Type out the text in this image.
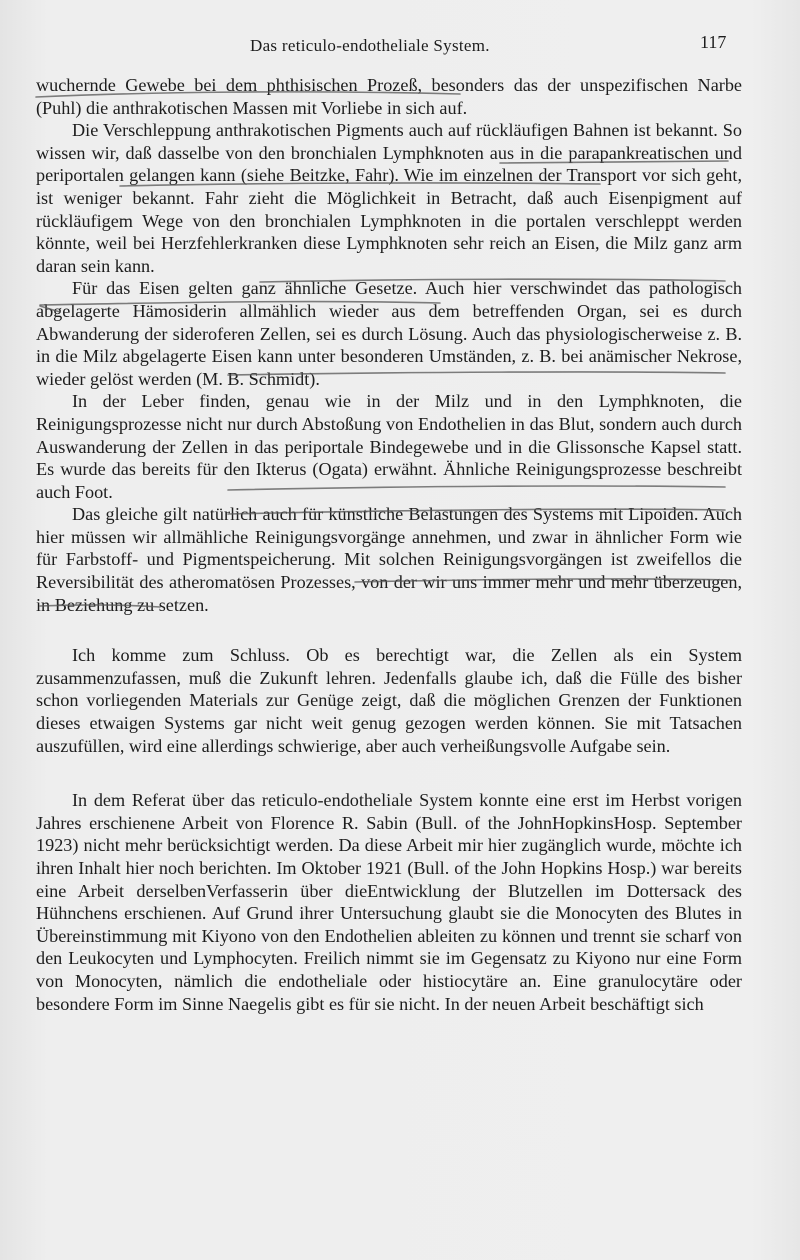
Das reticulo-endotheliale System.	117

wuchernde Gewebe bei dem phthisischen Prozeß, besonders das der unspezifischen Narbe (Puhl) die anthrakotischen Massen mit Vorliebe in sich auf.

Die Verschleppung anthrakotischen Pigments auch auf rückläufigen Bahnen ist bekannt. So wissen wir, daß dasselbe von den bronchialen Lymphknoten aus in die parapankreatischen und periportalen gelangen kann (siehe Beitzke, Fahr). Wie im einzelnen der Transport vor sich geht, ist weniger bekannt. Fahr zieht die Möglichkeit in Betracht, daß auch Eisenpigment auf rückläufigem Wege von den bronchialen Lymphknoten in die portalen verschleppt werden könnte, weil bei Herzfehlerkranken diese Lymphknoten sehr reich an Eisen, die Milz ganz arm daran sein kann.

Für das Eisen gelten ganz ähnliche Gesetze. Auch hier verschwindet das pathologisch abgelagerte Hämosiderin allmählich wieder aus dem betreffenden Organ, sei es durch Abwanderung der sideroferen Zellen, sei es durch Lösung. Auch das physiologischerweise z. B. in die Milz abgelagerte Eisen kann unter besonderen Umständen, z. B. bei anämischer Nekrose, wieder gelöst werden (M. B. Schmidt).

In der Leber finden, genau wie in der Milz und in den Lymphknoten, die Reinigungsprozesse nicht nur durch Abstoßung von Endothelien in das Blut, sondern auch durch Auswanderung der Zellen in das periportale Bindegewebe und in die Glissonsche Kapsel statt. Es wurde das bereits für den Ikterus (Ogata) erwähnt. Ähnliche Reinigungsprozesse beschreibt auch Foot.

Das gleiche gilt natürlich auch für künstliche Belastungen des Systems mit Lipoiden. Auch hier müssen wir allmähliche Reinigungsvorgänge annehmen, und zwar in ähnlicher Form wie für Farbstoff- und Pigmentspeicherung. Mit solchen Reinigungsvorgängen ist zweifellos die Reversibilität des atheromatösen Prozesses, von der wir uns immer mehr und mehr überzeugen, in Beziehung zu setzen.

Ich komme zum Schluss. Ob es berechtigt war, die Zellen als ein System zusammenzufassen, muß die Zukunft lehren. Jedenfalls glaube ich, daß die Fülle des bisher schon vorliegenden Materials zur Genüge zeigt, daß die möglichen Grenzen der Funktionen dieses etwaigen Systems gar nicht weit genug gezogen werden können. Sie mit Tatsachen auszufüllen, wird eine allerdings schwierige, aber auch verheißungsvolle Aufgabe sein.

In dem Referat über das reticulo-endotheliale System konnte eine erst im Herbst vorigen Jahres erschienene Arbeit von Florence R. Sabin (Bull. of the JohnHopkinsHosp. September 1923) nicht mehr berücksichtigt werden. Da diese Arbeit mir hier zugänglich wurde, möchte ich ihren Inhalt hier noch berichten. Im Oktober 1921 (Bull. of the John Hopkins Hosp.) war bereits eine Arbeit derselbenVerfasserin über dieEntwicklung der Blutzellen im Dottersack des Hühnchens erschienen. Auf Grund ihrer Untersuchung glaubt sie die Monocyten des Blutes in Übereinstimmung mit Kiyono von den Endothelien ableiten zu können und trennt sie scharf von den Leukocyten und Lymphocyten. Freilich nimmt sie im Gegensatz zu Kiyono nur eine Form von Monocyten, nämlich die endotheliale oder histiocytäre an. Eine granulocytäre oder besondere Form im Sinne Naegelis gibt es für sie nicht. In der neuen Arbeit beschäftigt sich
